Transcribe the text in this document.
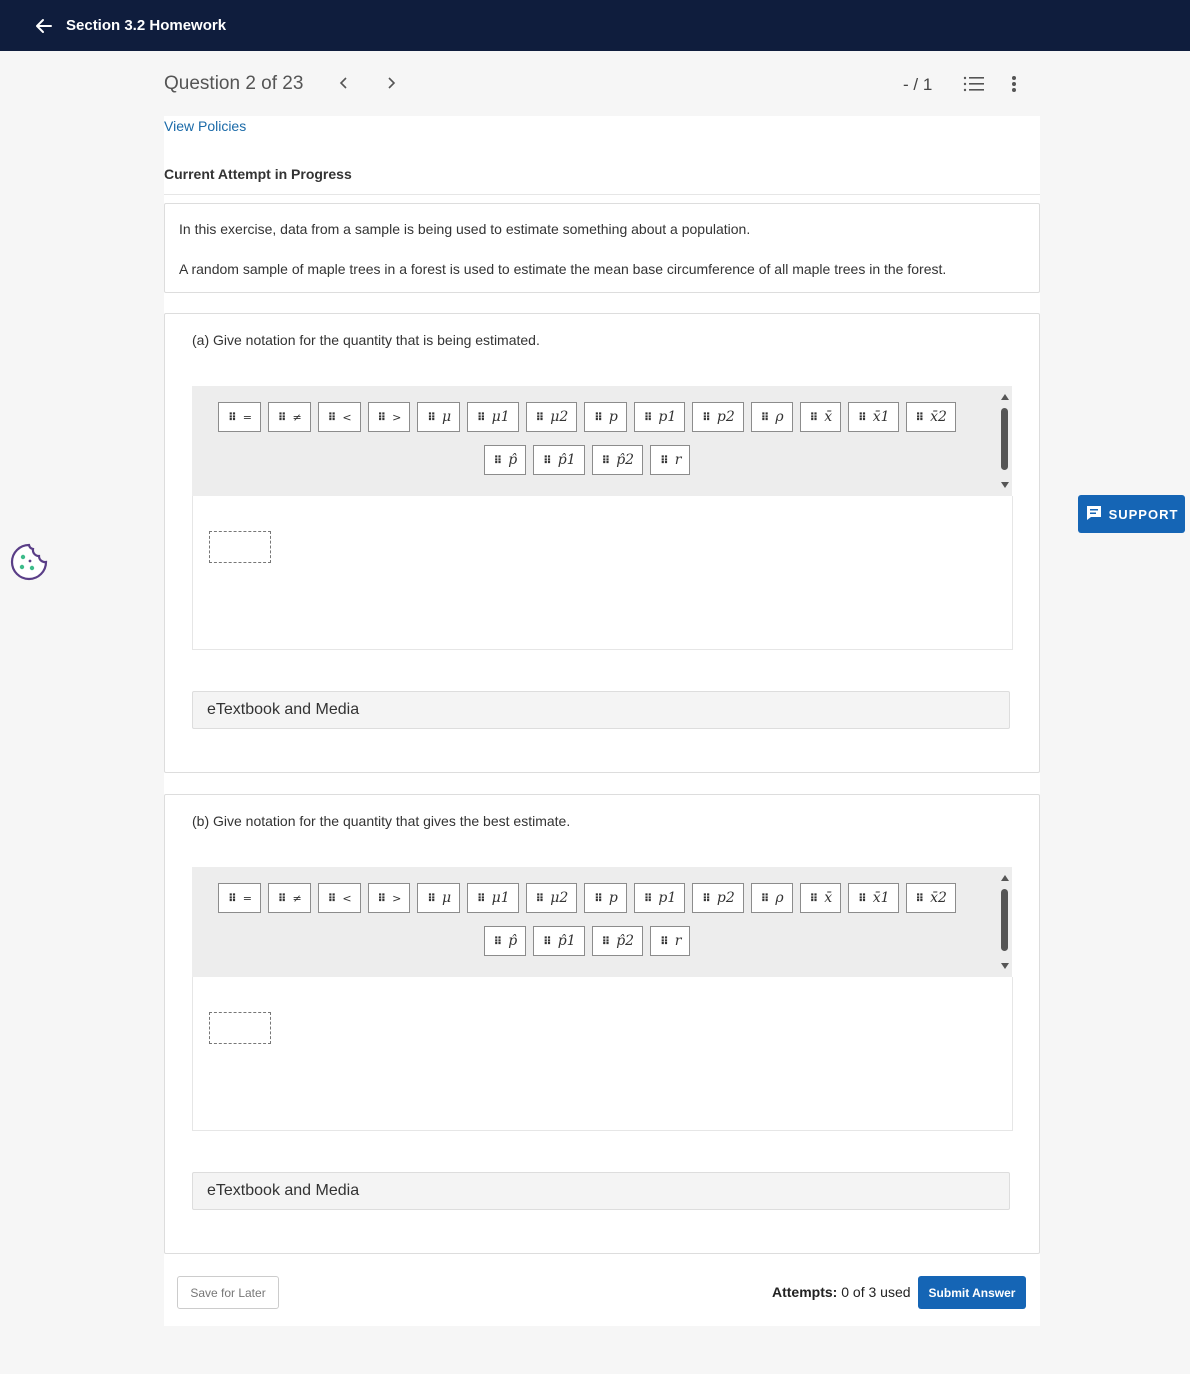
Section 3.2 Homework
Question 2 of 23	- / 1
View Policies
Current Attempt in Progress

In this exercise, data from a sample is being used to estimate something about a population.

A random sample of maple trees in a forest is used to estimate the mean base circumference of all maple trees in the forest.

(a) Give notation for the quantity that is being estimated.
⠿ = ⠿ ≠ ⠿ < ⠿ > ⠿ μ ⠿ μ1 ⠿ μ2 ⠿ p ⠿ p1 ⠿ p2 ⠿ ρ ⠿ x̄ ⠿ x̄1 ⠿ x̄2
⠿ p̂ ⠿ p̂1 ⠿ p̂2 ⠿ r
eTextbook and Media
(b) Give notation for the quantity that gives the best estimate.
⠿ = ⠿ ≠ ⠿ < ⠿ > ⠿ μ ⠿ μ1 ⠿ μ2 ⠿ p ⠿ p1 ⠿ p2 ⠿ ρ ⠿ x̄ ⠿ x̄1 ⠿ x̄2
⠿ p̂ ⠿ p̂1 ⠿ p̂2 ⠿ r
eTextbook and Media
Save for Later	Attempts: 0 of 3 used	Submit Answer
SUPPORT
